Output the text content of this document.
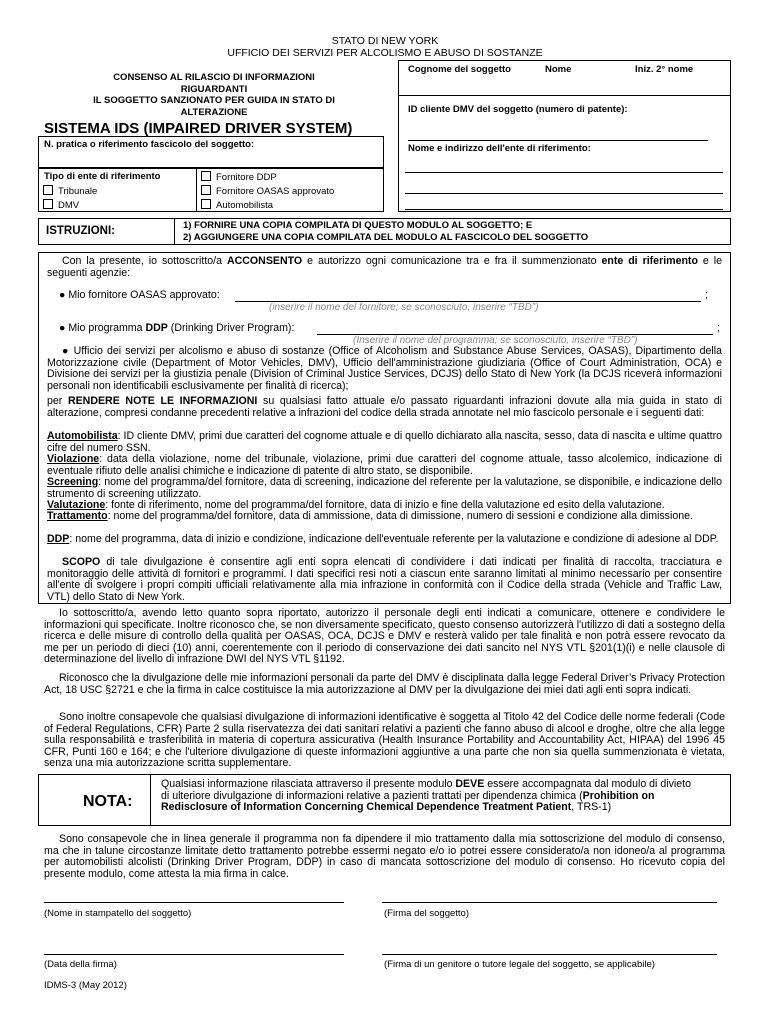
STATO DI NEW YORK
UFFICIO DEI SERVIZI PER ALCOLISMO E ABUSO DI SOSTANZE
CONSENSO AL RILASCIO DI INFORMAZIONI
RIGUARDANTI
IL SOGGETTO SANZIONATO PER GUIDA IN STATO DI
ALTERAZIONE
SISTEMA IDS (IMPAIRED DRIVER SYSTEM)
Cognome del soggetto	Nome	Iniz. 2° nome
ID cliente DMV del soggetto (numero di patente):
Nome e indirizzo dell'ente di riferimento:
N. pratica o riferimento fascicolo del soggetto:
Tipo di ente di riferimento
Tribunale
DMV
Fornitore DDP
Fornitore OASAS approvato
Automobilista
ISTRUZIONI:	1) FORNIRE UNA COPIA COMPILATA DI QUESTO MODULO AL SOGGETTO; E
2) AGGIUNGERE UNA COPIA COMPILATA DEL MODULO AL FASCICOLO DEL SOGGETTO
Con la presente, io sottoscritto/a ACCONSENTO e autorizzo ogni comunicazione tra e fra il summenzionato ente di riferimento e le seguenti agenzie:
● Mio fornitore OASAS approvato:	;
(inserire il nome del fornitore; se sconosciuto, inserire “TBD”)
● Mio programma DDP (Drinking Driver Program):	;
(Inserire il nome del programma; se sconosciuto, inserire “TBD”)
● Ufficio dei servizi per alcolismo e abuso di sostanze (Office of Alcoholism and Substance Abuse Services, OASAS), Dipartimento della Motorizzazione civile (Department of Motor Vehicles, DMV), Ufficio dell'amministrazione giudiziaria (Office of Court Administration, OCA) e Divisione dei servizi per la giustizia penale (Division of Criminal Justice Services, DCJS) dello Stato di New York (la DCJS riceverà informazioni personali non identificabili esclusivamente per finalità di ricerca);
per RENDERE NOTE LE INFORMAZIONI su qualsiasi fatto attuale e/o passato riguardanti infrazioni dovute alla mia guida in stato di alterazione, compresi condanne precedenti relative a infrazioni del codice della strada annotate nel mio fascicolo personale e i seguenti dati:
Automobilista: ID cliente DMV, primi due caratteri del cognome attuale e di quello dichiarato alla nascita, sesso, data di nascita e ultime quattro cifre del numero SSN.
Violazione: data della violazione, nome del tribunale, violazione, primi due caratteri del cognome attuale, tasso alcolemico, indicazione di eventuale rifiuto delle analisi chimiche e indicazione di patente di altro stato, se disponibile.
Screening: nome del programma/del fornitore, data di screening, indicazione del referente per la valutazione, se disponibile, e indicazione dello strumento di screening utilizzato.
Valutazione: fonte di riferimento, nome del programma/del fornitore, data di inizio e fine della valutazione ed esito della valutazione.
Trattamento: nome del programma/del fornitore, data di ammissione, data di dimissione, numero di sessioni e condizione alla dimissione.
DDP: nome del programma, data di inizio e condizione, indicazione dell'eventuale referente per la valutazione e condizione di adesione al DDP.
SCOPO di tale divulgazione è consentire agli enti sopra elencati di condividere i dati indicati per finalità di raccolta, tracciatura e monitoraggio delle attività di fornitori e programmi. I dati specifici resi noti a ciascun ente saranno limitati al minimo necessario per consentire all'ente di svolgere i propri compiti ufficiali relativamente alla mia infrazione in conformità con il Codice della strada (Vehicle and Traffic Law, VTL) dello Stato di New York.
Io sottoscritto/a, avendo letto quanto sopra riportato, autorizzo il personale degli enti indicati a comunicare, ottenere e condividere le informazioni qui specificate. Inoltre riconosco che, se non diversamente specificato, questo consenso autorizzerà l'utilizzo di dati a sostegno della ricerca e delle misure di controllo della qualità per OASAS, OCA, DCJS e DMV e resterà valido per tale finalità e non potrà essere revocato da me per un periodo di dieci (10) anni, coerentemente con il periodo di conservazione dei dati sancito nel NYS VTL §201(1)(i) e nelle clausole di determinazione del livello di infrazione DWI del NYS VTL §1192.
Riconosco che la divulgazione delle mie informazioni personali da parte del DMV è disciplinata dalla legge Federal Driver’s Privacy Protection Act, 18 USC §2721 e che la firma in calce costituisce la mia autorizzazione al DMV per la divulgazione dei miei dati agli enti sopra indicati.
Sono inoltre consapevole che qualsiasi divulgazione di informazioni identificative è soggetta al Titolo 42 del Codice delle norme federali (Code of Federal Regulations, CFR) Parte 2 sulla riservatezza dei dati sanitari relativi a pazienti che fanno abuso di alcool e droghe, oltre che alla legge sulla responsabilità e trasferibilità in materia di copertura assicurativa (Health Insurance Portability and Accountability Act, HIPAA) del 1996 45 CFR, Punti 160 e 164; e che l'ulteriore divulgazione di queste informazioni aggiuntive a una parte che non sia quella summenzionata è vietata, senza una mia autorizzazione scritta supplementare.
NOTA:
Qualsiasi informazione rilasciata attraverso il presente modulo DEVE essere accompagnata dal modulo di divieto di ulteriore divulgazione di informazioni relative a pazienti trattati per dipendenza chimica (Prohibition on Redisclosure of Information Concerning Chemical Dependence Treatment Patient, TRS-1)
Sono consapevole che in linea generale il programma non fa dipendere il mio trattamento dalla mia sottoscrizione del modulo di consenso, ma che in talune circostanze limitate detto trattamento potrebbe essermi negato e/o io potrei essere considerato/a non idoneo/a al programma per automobilisti alcolisti (Drinking Driver Program, DDP) in caso di mancata sottoscrizione del modulo di consenso. Ho ricevuto copia del presente modulo, come attesta la mia firma in calce.
(Nome in stampatello del soggetto)	(Firma del soggetto)
(Data della firma)	(Firma di un genitore o tutore legale del soggetto, se applicabile)
IDMS-3 (May 2012)
